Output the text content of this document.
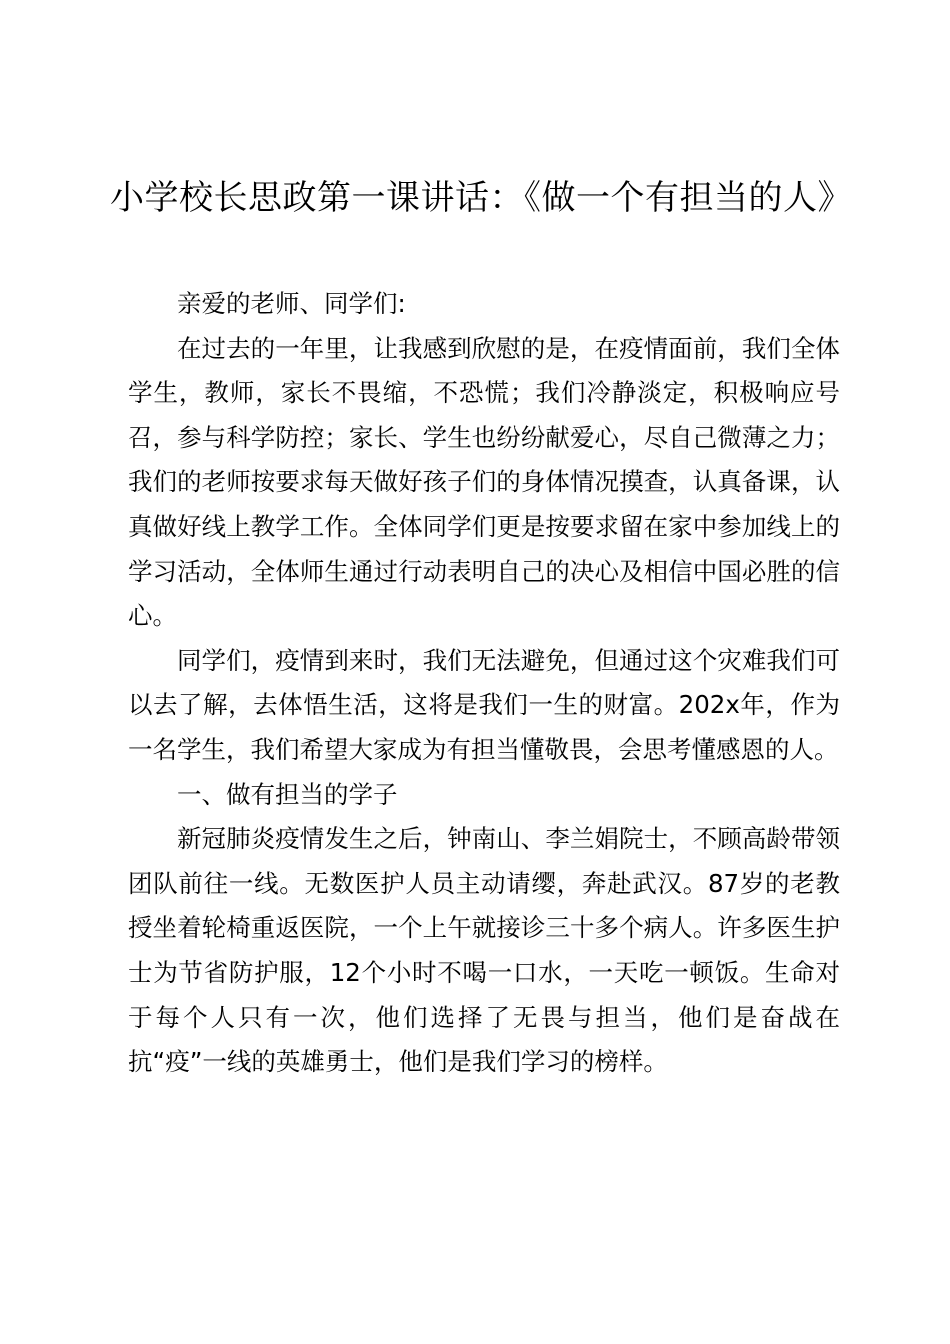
小学校长思政第一课讲话：《做一个有担当的人》

亲爱的老师、同学们:

在过去的一年里，让我感到欣慰的是，在疫情面前，我们全体学生，教师，家长不畏缩，不恐慌；我们冷静淡定，积极响应号召，参与科学防控；家长、学生也纷纷献爱心，尽自己微薄之力；我们的老师按要求每天做好孩子们的身体情况摸查，认真备课，认真做好线上教学工作。全体同学们更是按要求留在家中参加线上的学习活动，全体师生通过行动表明自己的决心及相信中国必胜的信心。

同学们，疫情到来时，我们无法避免，但通过这个灾难我们可以去了解，去体悟生活，这将是我们一生的财富。202x年，作为一名学生，我们希望大家成为有担当懂敬畏，会思考懂感恩的人。

一、做有担当的学子

新冠肺炎疫情发生之后，钟南山、李兰娟院士，不顾高龄带领团队前往一线。无数医护人员主动请缨，奔赴武汉。87岁的老教授坐着轮椅重返医院，一个上午就接诊三十多个病人。许多医生护士为节省防护服，12个小时不喝一口水，一天吃一顿饭。生命对于每个人只有一次，他们选择了无畏与担当，他们是奋战在抗“疫”一线的英雄勇士，他们是我们学习的榜样。
